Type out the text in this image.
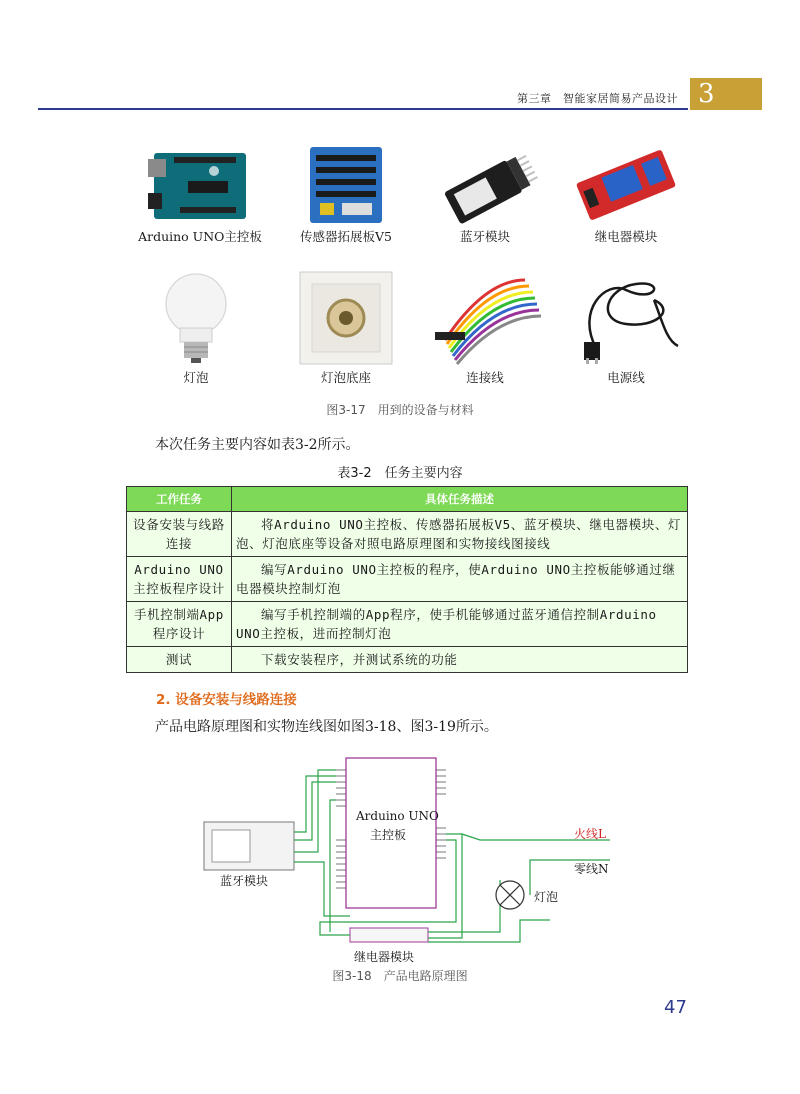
第三章　智能家居简易产品设计 3
Arduino UNO主控板	传感器拓展板V5	蓝牙模块	继电器模块
灯泡	灯泡底座	连接线	电源线
图3-17　用到的设备与材料
本次任务主要内容如表3-2所示。
表3-2　任务主要内容
工作任务	具体任务描述
设备安装与线路连接	将Arduino UNO主控板、传感器拓展板V5、蓝牙模块、继电器模块、灯泡、灯泡底座等设备对照电路原理图和实物接线图接线
Arduino UNO主控板程序设计	编写Arduino UNO主控板的程序，使Arduino UNO主控板能够通过继电器模块控制灯泡
手机控制端App程序设计	编写手机控制端的App程序，使手机能够通过蓝牙通信控制Arduino UNO主控板，进而控制灯泡
测试	下载安装程序，并测试系统的功能
2. 设备安装与线路连接
产品电路原理图和实物连线图如图3-18、图3-19所示。
Arduino UNO
主控板
蓝牙模块
继电器模块
火线L
零线N
灯泡
图3-18　产品电路原理图
47
